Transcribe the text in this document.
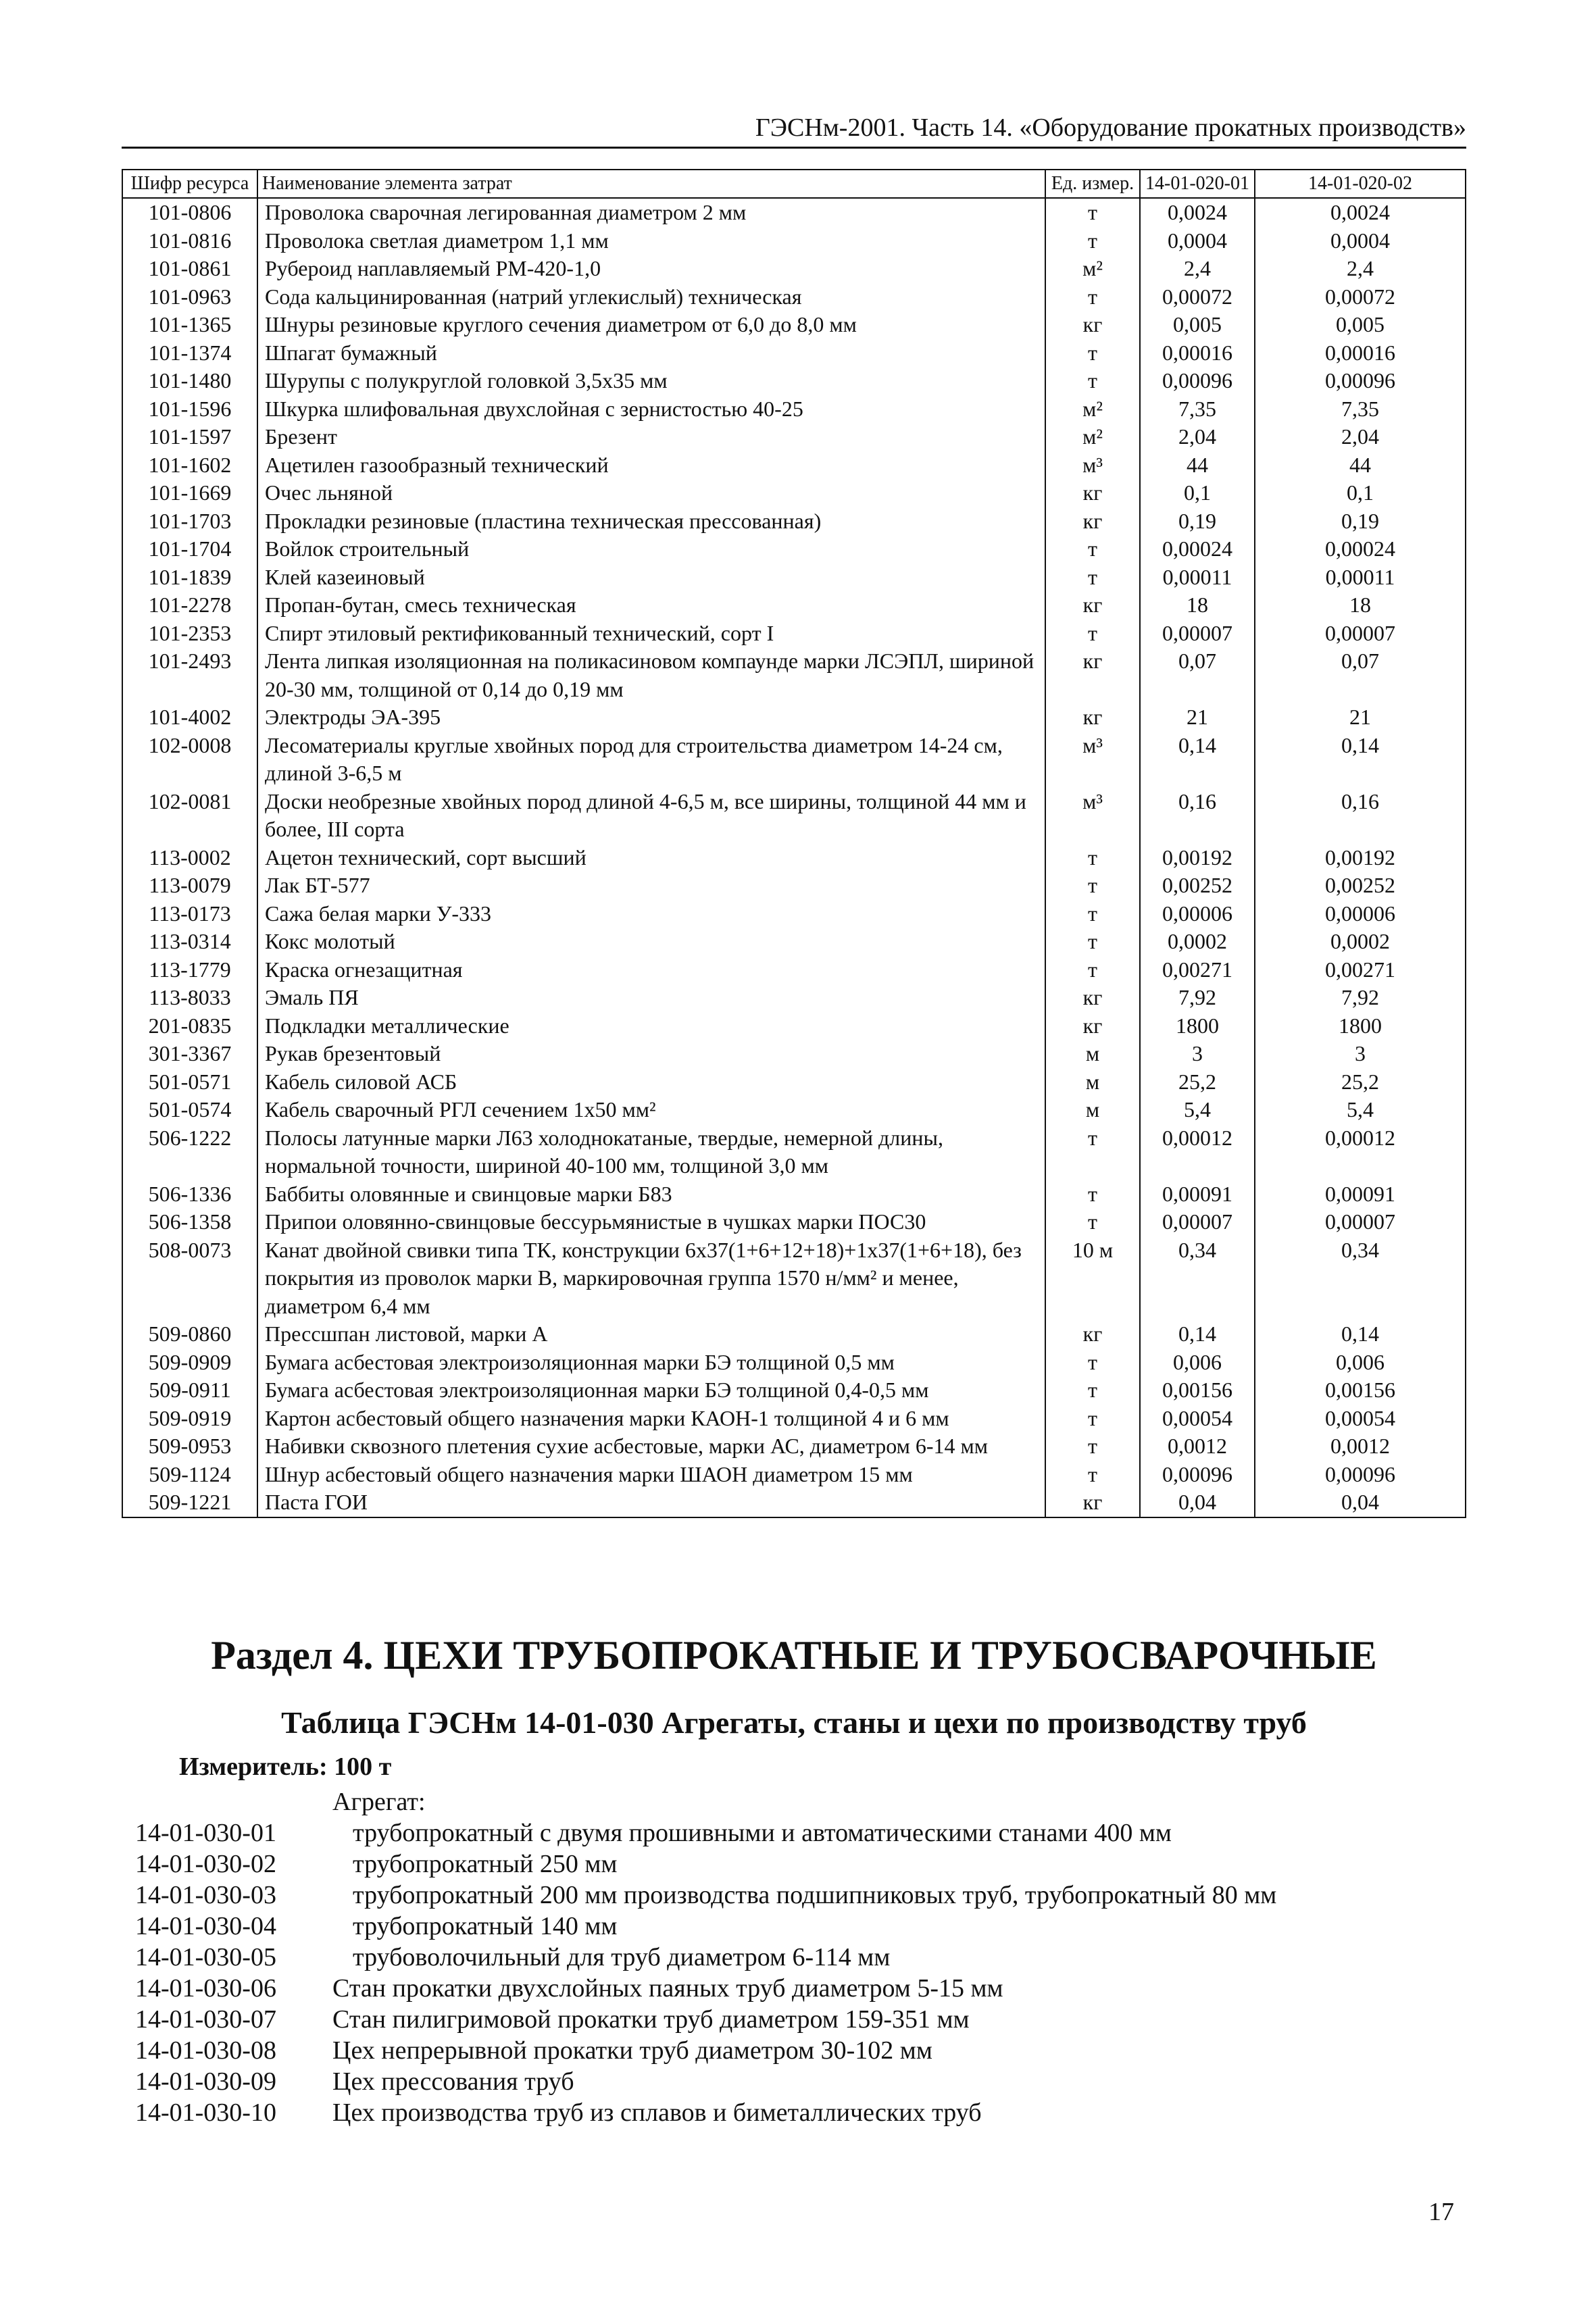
ГЭСНм-2001. Часть 14. «Оборудование прокатных производств»
Шифр ресурса	Наименование элемента затрат	Ед. измер.	14-01-020-01	14-01-020-02
101-0806	Проволока сварочная легированная диаметром 2 мм	т	0,0024	0,0024
101-0816	Проволока светлая диаметром 1,1 мм	т	0,0004	0,0004
101-0861	Рубероид наплавляемый РМ-420-1,0	м²	2,4	2,4
101-0963	Сода кальцинированная (натрий углекислый) техническая	т	0,00072	0,00072
101-1365	Шнуры резиновые круглого сечения диаметром от 6,0 до 8,0 мм	кг	0,005	0,005
101-1374	Шпагат бумажный	т	0,00016	0,00016
101-1480	Шурупы с полукруглой головкой 3,5х35 мм	т	0,00096	0,00096
101-1596	Шкурка шлифовальная двухслойная с зернистостью 40-25	м²	7,35	7,35
101-1597	Брезент	м²	2,04	2,04
101-1602	Ацетилен газообразный технический	м³	44	44
101-1669	Очес льняной	кг	0,1	0,1
101-1703	Прокладки резиновые (пластина техническая прессованная)	кг	0,19	0,19
101-1704	Войлок строительный	т	0,00024	0,00024
101-1839	Клей казеиновый	т	0,00011	0,00011
101-2278	Пропан-бутан, смесь техническая	кг	18	18
101-2353	Спирт этиловый ректификованный технический, сорт I	т	0,00007	0,00007
101-2493	Лента липкая изоляционная на поликасиновом компаунде марки ЛСЭПЛ, шириной 20-30 мм, толщиной от 0,14 до 0,19 мм	кг	0,07	0,07
101-4002	Электроды ЭА-395	кг	21	21
102-0008	Лесоматериалы круглые хвойных пород для строительства диаметром 14-24 см, длиной 3-6,5 м	м³	0,14	0,14
102-0081	Доски необрезные хвойных пород длиной 4-6,5 м, все ширины, толщиной 44 мм и более, III сорта	м³	0,16	0,16
113-0002	Ацетон технический, сорт высший	т	0,00192	0,00192
113-0079	Лак БТ-577	т	0,00252	0,00252
113-0173	Сажа белая марки У-333	т	0,00006	0,00006
113-0314	Кокс молотый	т	0,0002	0,0002
113-1779	Краска огнезащитная	т	0,00271	0,00271
113-8033	Эмаль ПЯ	кг	7,92	7,92
201-0835	Подкладки металлические	кг	1800	1800
301-3367	Рукав брезентовый	м	3	3
501-0571	Кабель силовой АСБ	м	25,2	25,2
501-0574	Кабель сварочный РГЛ сечением 1х50 мм²	м	5,4	5,4
506-1222	Полосы латунные марки Л63 холоднокатаные, твердые, немерной длины, нормальной точности, шириной 40-100 мм, толщиной 3,0 мм	т	0,00012	0,00012
506-1336	Баббиты оловянные и свинцовые марки Б83	т	0,00091	0,00091
506-1358	Припои оловянно-свинцовые бессурьмянистые в чушках марки ПОС30	т	0,00007	0,00007
508-0073	Канат двойной свивки типа ТК, конструкции 6х37(1+6+12+18)+1х37(1+6+18), без покрытия из проволок марки В, маркировочная группа 1570 н/мм² и менее, диаметром 6,4 мм	10 м	0,34	0,34
509-0860	Прессшпан листовой, марки А	кг	0,14	0,14
509-0909	Бумага асбестовая электроизоляционная марки БЭ толщиной 0,5 мм	т	0,006	0,006
509-0911	Бумага асбестовая электроизоляционная марки БЭ толщиной 0,4-0,5 мм	т	0,00156	0,00156
509-0919	Картон асбестовый общего назначения марки КАОН-1 толщиной 4 и 6 мм	т	0,00054	0,00054
509-0953	Набивки сквозного плетения сухие асбестовые, марки АС, диаметром 6-14 мм	т	0,0012	0,0012
509-1124	Шнур асбестовый общего назначения марки ШАОН диаметром 15 мм	т	0,00096	0,00096
509-1221	Паста ГОИ	кг	0,04	0,04
Раздел 4. ЦЕХИ ТРУБОПРОКАТНЫЕ И ТРУБОСВАРОЧНЫЕ
Таблица ГЭСНм 14-01-030 Агрегаты, станы и цехи по производству труб
Измеритель: 100 т
Агрегат:
14-01-030-01	трубопрокатный с двумя прошивными и автоматическими станами 400 мм
14-01-030-02	трубопрокатный 250 мм
14-01-030-03	трубопрокатный 200 мм производства подшипниковых труб, трубопрокатный 80 мм
14-01-030-04	трубопрокатный 140 мм
14-01-030-05	трубоволочильный для труб диаметром 6-114 мм
14-01-030-06 Стан прокатки двухслойных паяных труб диаметром 5-15 мм
14-01-030-07 Стан пилигримовой прокатки труб диаметром 159-351 мм
14-01-030-08 Цех непрерывной прокатки труб диаметром 30-102 мм
14-01-030-09 Цех прессования труб
14-01-030-10 Цех производства труб из сплавов и биметаллических труб
17
